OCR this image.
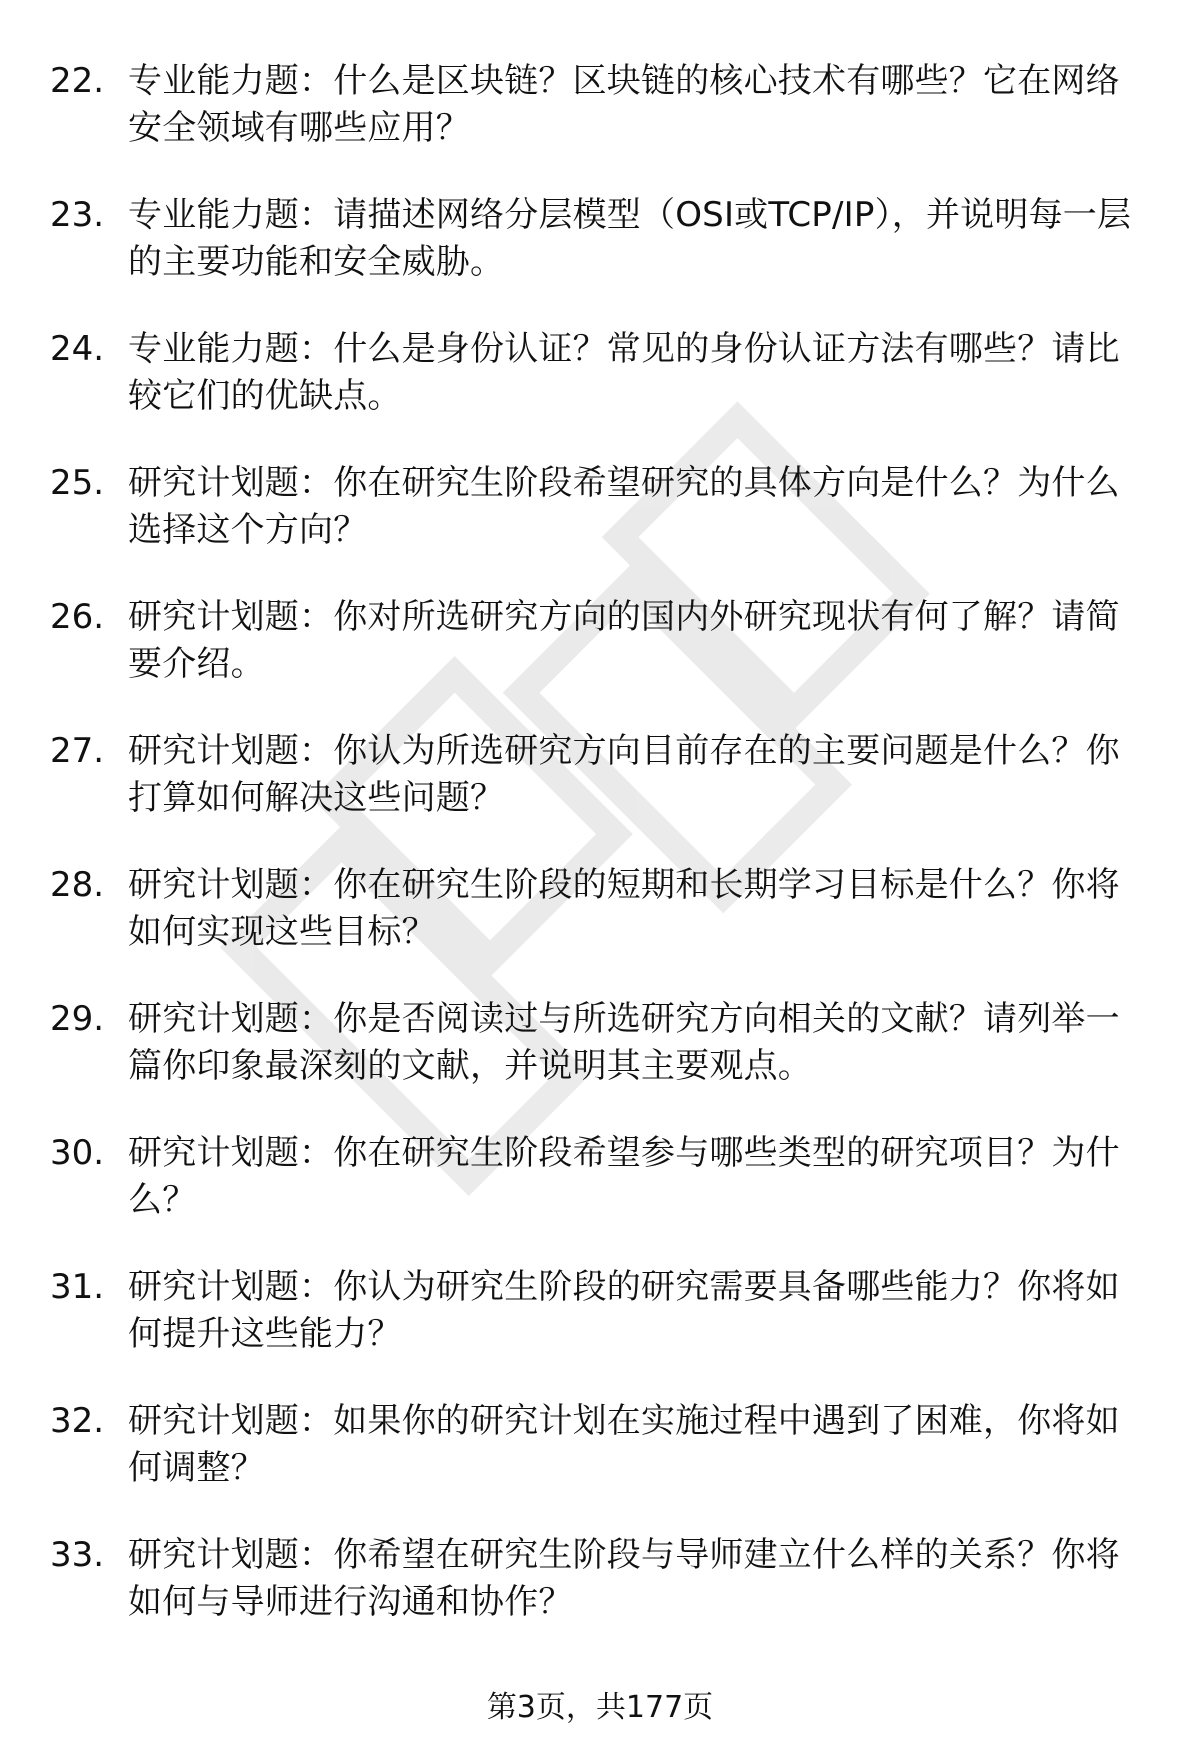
22. 专业能力题：什么是区块链？区块链的核心技术有哪些？它在网络安全领域有哪些应用？
23. 专业能力题：请描述网络分层模型（OSI或TCP/IP），并说明每一层的主要功能和安全威胁。
24. 专业能力题：什么是身份认证？常见的身份认证方法有哪些？请比较它们的优缺点。
25. 研究计划题：你在研究生阶段希望研究的具体方向是什么？为什么选择这个方向？
26. 研究计划题：你对所选研究方向的国内外研究现状有何了解？请简要介绍。
27. 研究计划题：你认为所选研究方向目前存在的主要问题是什么？你打算如何解决这些问题？
28. 研究计划题：你在研究生阶段的短期和长期学习目标是什么？你将如何实现这些目标？
29. 研究计划题：你是否阅读过与所选研究方向相关的文献？请列举一篇你印象最深刻的文献，并说明其主要观点。
30. 研究计划题：你在研究生阶段希望参与哪些类型的研究项目？为什么？
31. 研究计划题：你认为研究生阶段的研究需要具备哪些能力？你将如何提升这些能力？
32. 研究计划题：如果你的研究计划在实施过程中遇到了困难，你将如何调整？
33. 研究计划题：你希望在研究生阶段与导师建立什么样的关系？你将如何与导师进行沟通和协作？
第3页，共177页
